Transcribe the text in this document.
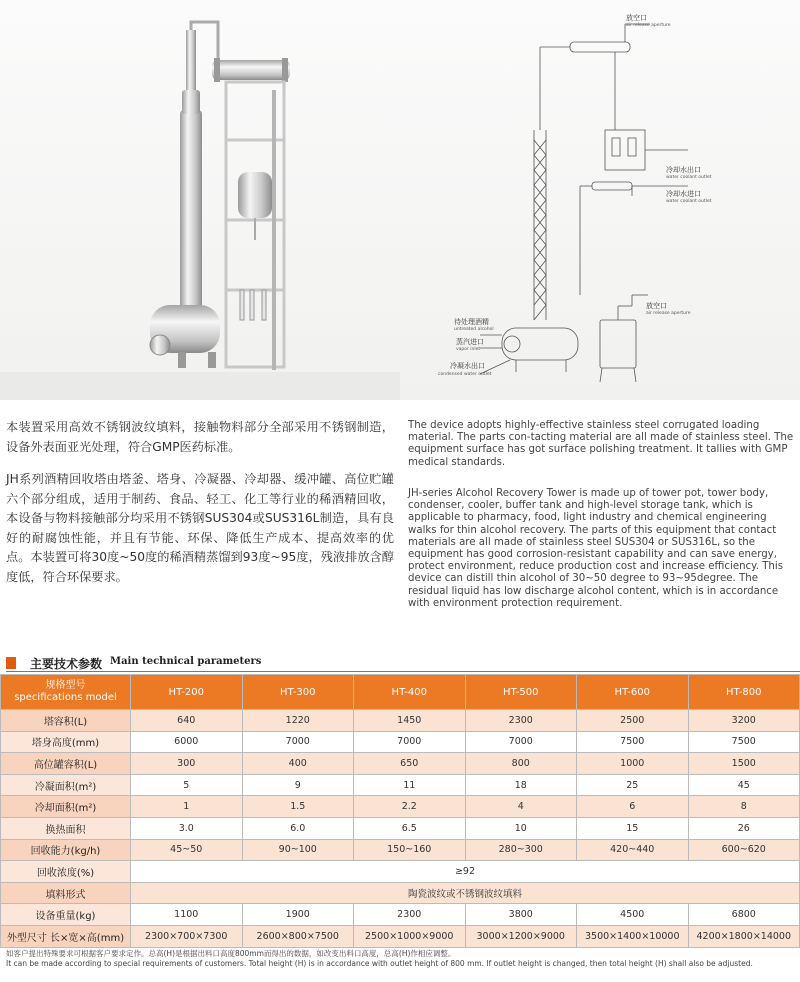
放空口
air release aperture
冷却水出口
water coolant outlet
冷却水进口
water coolant outlet
放空口
air release aperture
待处理酒精
untreated alcohol
蒸汽进口
vapor inlet
冷凝水出口
condensed water outlet

本装置采用高效不锈钢波纹填料，接触物料部分全部采用不锈钢制造，设备外表面亚光处理，符合GMP医药标准。

JH系列酒精回收塔由塔釜、塔身、冷凝器、冷却器、缓冲罐、高位贮罐六个部分组成，适用于制药、食品、轻工、化工等行业的稀酒精回收，本设备与物料接触部分均采用不锈钢SUS304或SUS316L制造，具有良好的耐腐蚀性能，并且有节能、环保、降低生产成本、提高效率的优点。本装置可将30度~50度的稀酒精蒸馏到93度~95度，残液排放含醇度低，符合环保要求。

The device adopts highly-effective stainless steel corrugated loading material. The parts con-tacting material are all made of stainless steel. The equipment surface has got surface polishing treatment. It tallies with GMP medical standards.

JH-series Alcohol Recovery Tower is made up of tower pot, tower body, condenser, cooler, buffer tank and high-level storage tank, which is applicable to pharmacy, food, light industry and chemical engineering walks for thin alcohol recovery. The parts of this equipment that contact materials are all made of stainless steel SUS304 or SUS316L, so the equipment has good corrosion-resistant capability and can save energy, protect environment, reduce production cost and increase efficiency. This device can distill thin alcohol of 30~50 degree to 93~95degree. The residual liquid has low discharge alcohol content, which is in accordance with environment protection requirement.

主要技术参数 Main technical parameters
规格型号
specifications model	HT-200	HT-300	HT-400	HT-500	HT-600	HT-800
塔容积(L)	640	1220	1450	2300	2500	3200
塔身高度(mm)	6000	7000	7000	7000	7500	7500
高位罐容积(L)	300	400	650	800	1000	1500
冷凝面积(m²)	5	9	11	18	25	45
冷却面积(m²)	1	1.5	2.2	4	6	8
换热面积	3.0	6.0	6.5	10	15	26
回收能力(kg/h)	45~50	90~100	150~160	280~300	420~440	600~620
回收浓度(%)	≥92					
填料形式	陶瓷波纹或不锈钢波纹填料					
设备重量(kg)	1100	1900	2300	3800	4500	6800
外型尺寸 长×宽×高(mm)	2300×700×7300	2600×800×7500	2500×1000×9000	3000×1200×9000	3500×1400×10000	4200×1800×14000

如客户提出特殊要求可根据客户要求定作。总高(H)是根据出料口高度800mm而得出的数据，如改变出料口高度，总高(H)作相应调整。
It can be made according to special requirements of customers. Total height (H) is in accordance with outlet height of 800 mm. If outlet height is changed, then total height (H) shall also be adjusted.
